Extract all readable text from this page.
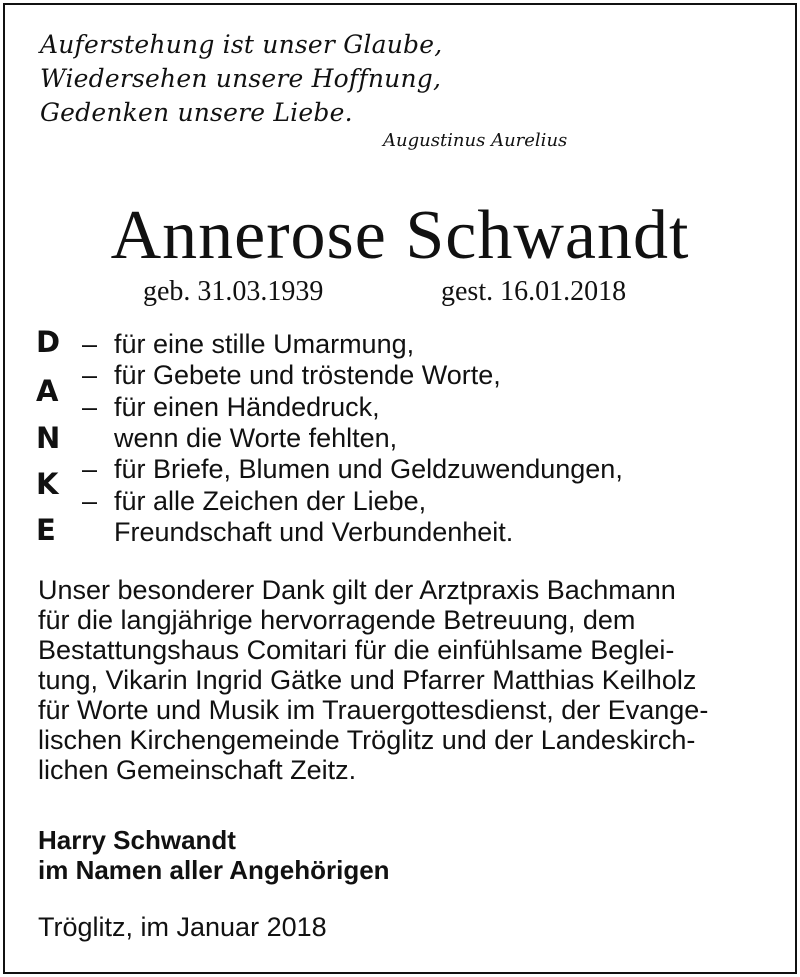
Auferstehung ist unser Glaube,
Wiedersehen unsere Hoffnung,
Gedenken unsere Liebe.
Augustinus Aurelius
Annerose Schwandt
geb. 31.03.1939	gest. 16.01.2018
D
A
N
K
E
– für eine stille Umarmung,
– für Gebete und tröstende Worte,
– für einen Händedruck,
wenn die Worte fehlten,
– für Briefe, Blumen und Geldzuwendungen,
– für alle Zeichen der Liebe,
Freundschaft und Verbundenheit.
Unser besonderer Dank gilt der Arztpraxis Bachmann
für die langjährige hervorragende Betreuung, dem
Bestattungshaus Comitari für die einfühlsame Beglei-
tung, Vikarin Ingrid Gätke und Pfarrer Matthias Keilholz
für Worte und Musik im Trauergottesdienst, der Evange-
lischen Kirchengemeinde Tröglitz und der Landeskirch-
lichen Gemeinschaft Zeitz.
Harry Schwandt
im Namen aller Angehörigen
Tröglitz, im Januar 2018
